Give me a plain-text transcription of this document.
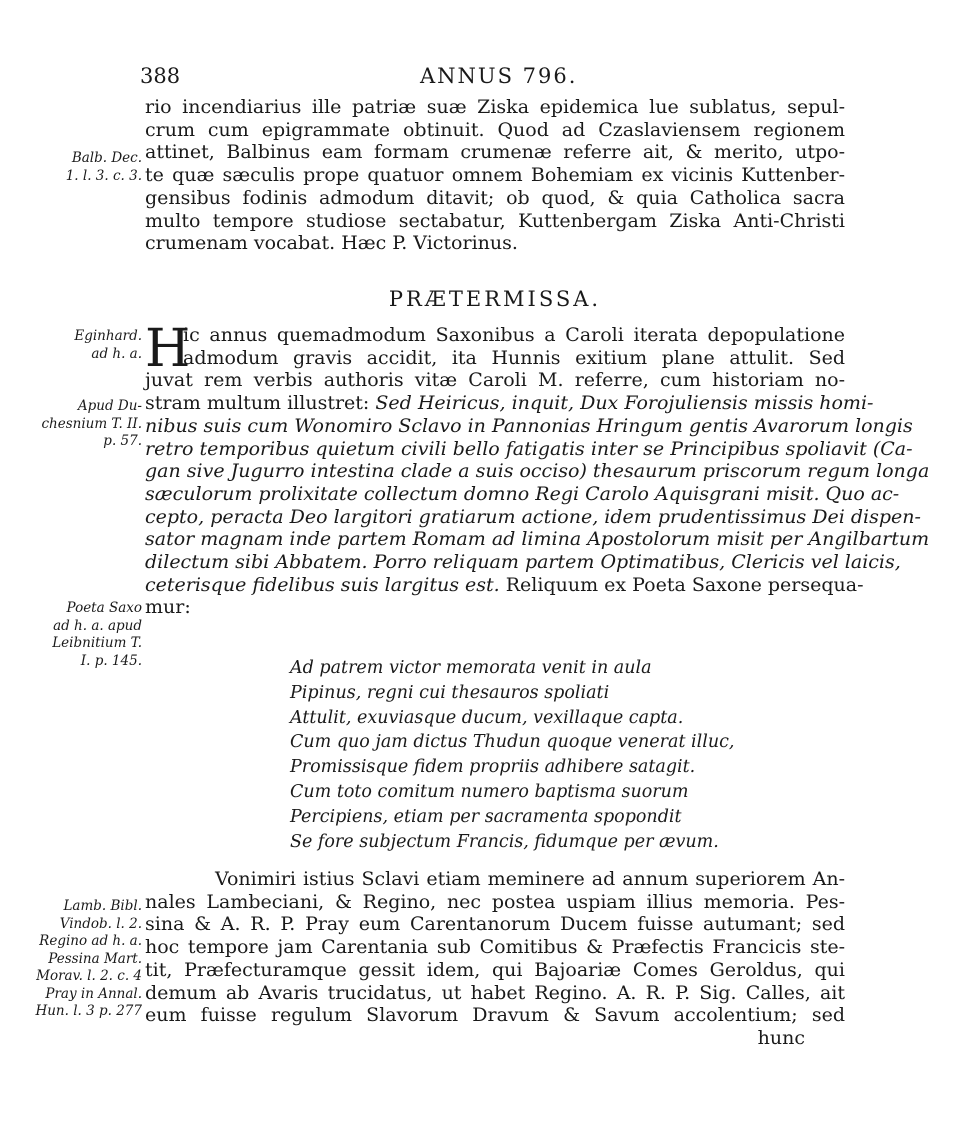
388	ANNUS 796.
rio incendiarius ille patriæ suæ Ziska epidemica lue sublatus, sepul-
crum cum epigrammate obtinuit. Quod ad Czaslaviensem regionem
attinet, Balbinus eam formam crumenæ referre ait, & merito, utpo-
te quæ sæculis prope quatuor omnem Bohemiam ex vicinis Kuttenber-
gensibus fodinis admodum ditavit; ob quod, & quia Catholica sacra
multo tempore studiose sectabatur, Kuttenbergam Ziska Anti-Christi
crumenam vocabat. Hæc P. Victorinus.
PRÆTERMISSA.
H
ic annus quemadmodum Saxonibus a Caroli iterata depopulatione
admodum gravis accidit, ita Hunnis exitium plane attulit. Sed
juvat rem verbis authoris vitæ Caroli M. referre, cum historiam no-
stram multum illustret: Sed Heiricus, inquit, Dux Forojuliensis missis homi-
nibus suis cum Wonomiro Sclavo in Pannonias Hringum gentis Avarorum longis
retro temporibus quietum civili bello fatigatis inter se Principibus spoliavit (Ca-
gan sive Jugurro intestina clade a suis occiso) thesaurum priscorum regum longa
sæculorum prolixitate collectum domno Regi Carolo Aquisgrani misit. Quo ac-
cepto, peracta Deo largitori gratiarum actione, idem prudentissimus Dei dispen-
sator magnam inde partem Romam ad limina Apostolorum misit per Angilbartum
dilectum sibi Abbatem. Porro reliquam partem Optimatibus, Clericis vel laicis,
ceterisque fidelibus suis largitus est. Reliquum ex Poeta Saxone persequa-
mur:
Ad patrem victor memorata venit in aula
Pipinus, regni cui thesauros spoliati
Attulit, exuviasque ducum, vexillaque capta.
Cum quo jam dictus Thudun quoque venerat illuc,
Promissisque fidem propriis adhibere satagit.
Cum toto comitum numero baptisma suorum
Percipiens, etiam per sacramenta spopondit
Se fore subjectum Francis, fidumque per ævum.
Vonimiri istius Sclavi etiam meminere ad annum superiorem An-
nales Lambeciani, & Regino, nec postea uspiam illius memoria. Pes-
sina & A. R. P. Pray eum Carentanorum Ducem fuisse autumant; sed
hoc tempore jam Carentania sub Comitibus & Præfectis Francicis ste-
tit, Præfecturamque gessit idem, qui Bajoariæ Comes Geroldus, qui
demum ab Avaris trucidatus, ut habet Regino. A. R. P. Sig. Calles, ait
eum fuisse regulum Slavorum Dravum & Savum accolentium; sed
hunc
Balb. Dec.
1. l. 3. c. 3.
Eginhard.
ad h. a.
Apud Du-
chesnium T. II.
p. 57.
Poeta Saxo
ad h. a. apud
Leibnitium T.
I. p. 145.
Lamb. Bibl.
Vindob. l. 2.
Regino ad h. a.
Pessina Mart.
Morav. l. 2. c. 4
Pray in Annal.
Hun. l. 3 p. 277
